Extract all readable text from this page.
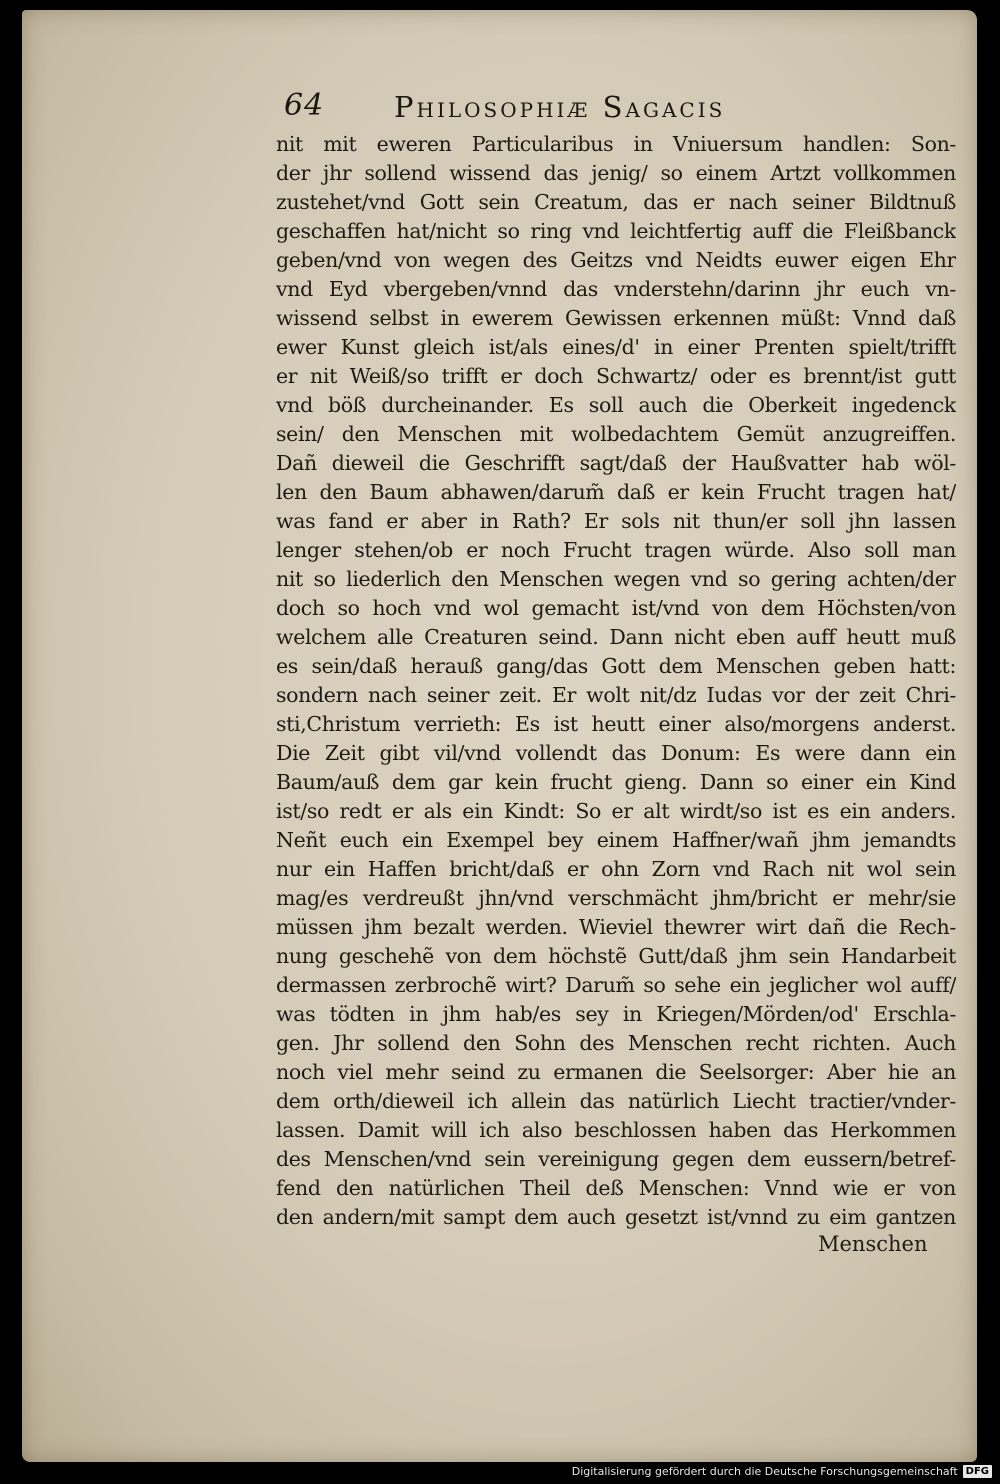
64 Philosophiæ Sagacis
nit mit eweren Particularibus in Vniuersum handlen: Son-
der jhr sollend wissend das jenig/ so einem Artzt vollkommen
zustehet/vnd Gott sein Creatum, das er nach seiner Bildtnuß
geschaffen hat/nicht so ring vnd leichtfertig auff die Fleißbanck
geben/vnd von wegen des Geitzs vnd Neidts euwer eigen Ehr
vnd Eyd vbergeben/vnnd das vnderstehn/darinn jhr euch vn-
wissend selbst in ewerem Gewissen erkennen müßt: Vnnd daß
ewer Kunst gleich ist/als eines/d' in einer Prenten spielt/trifft
er nit Weiß/so trifft er doch Schwartz/ oder es brennt/ist gutt
vnd böß durcheinander. Es soll auch die Oberkeit ingedenck
sein/ den Menschen mit wolbedachtem Gemüt anzugreiffen.
Dañ dieweil die Geschrifft sagt/daß der Haußvatter hab wöl-
len den Baum abhawen/darum̃ daß er kein Frucht tragen hat/
was fand er aber in Rath? Er sols nit thun/er soll jhn lassen
lenger stehen/ob er noch Frucht tragen würde. Also soll man
nit so liederlich den Menschen wegen vnd so gering achten/der
doch so hoch vnd wol gemacht ist/vnd von dem Höchsten/von
welchem alle Creaturen seind. Dann nicht eben auff heutt muß
es sein/daß herauß gang/das Gott dem Menschen geben hatt:
sondern nach seiner zeit. Er wolt nit/dz Iudas vor der zeit Chri-
sti,Christum verrieth: Es ist heutt einer also/morgens anderst.
Die Zeit gibt vil/vnd vollendt das Donum: Es were dann ein
Baum/auß dem gar kein frucht gieng. Dann so einer ein Kind
ist/so redt er als ein Kindt: So er alt wirdt/so ist es ein anders.
Neñt euch ein Exempel bey einem Haffner/wañ jhm jemandts
nur ein Haffen bricht/daß er ohn Zorn vnd Rach nit wol sein
mag/es verdreußt jhn/vnd verschmächt jhm/bricht er mehr/sie
müssen jhm bezalt werden. Wieviel thewrer wirt dañ die Rech-
nung geschehẽ von dem höchstẽ Gutt/daß jhm sein Handarbeit
dermassen zerbrochẽ wirt? Darum̃ so sehe ein jeglicher wol auff/
was tödten in jhm hab/es sey in Kriegen/Mörden/od' Erschla-
gen. Jhr sollend den Sohn des Menschen recht richten. Auch
noch viel mehr seind zu ermanen die Seelsorger: Aber hie an
dem orth/dieweil ich allein das natürlich Liecht tractier/vnder-
lassen. Damit will ich also beschlossen haben das Herkommen
des Menschen/vnd sein vereinigung gegen dem eussern/betref-
fend den natürlichen Theil deß Menschen: Vnnd wie er von
den andern/mit sampt dem auch gesetzt ist/vnnd zu eim gantzen
Menschen
Digitalisierung gefördert durch die Deutsche Forschungsgemeinschaft DFG
